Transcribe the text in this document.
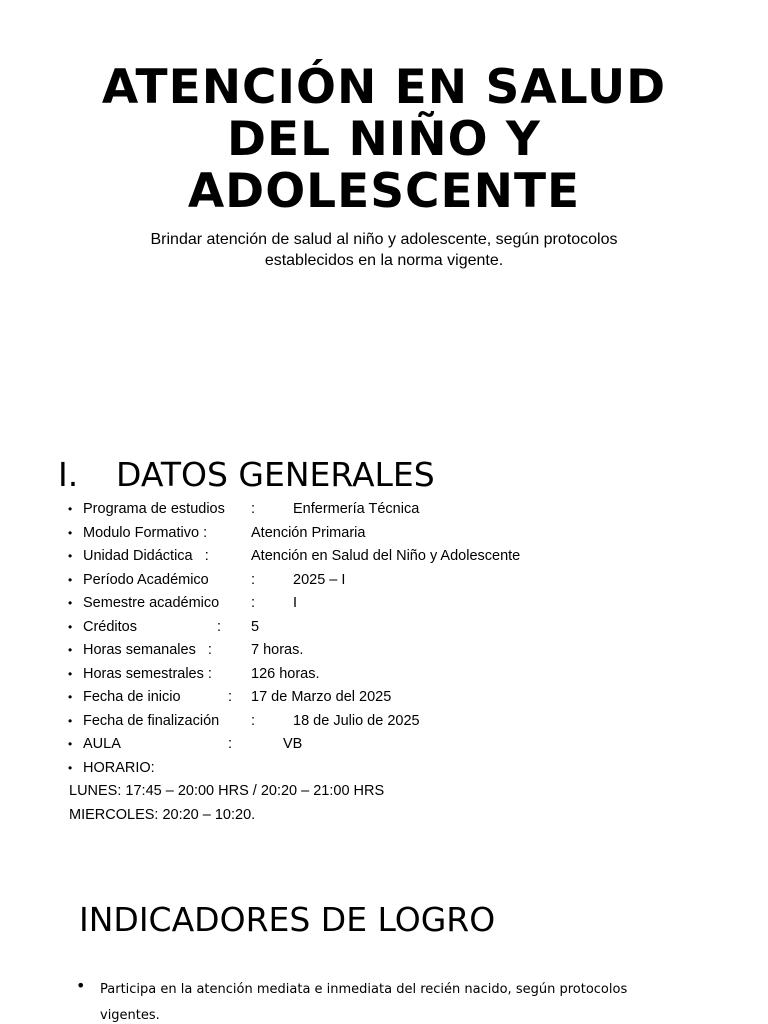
ATENCIÓN EN SALUD
DEL NIÑO Y
ADOLESCENTE
Brindar atención de salud al niño y adolescente, según protocolos
establecidos en la norma vigente.
I. DATOS GENERALES
• Programa de estudios :	Enfermería Técnica
• Modulo Formativo :	Atención Primaria
• Unidad Didáctica   :	Atención en Salud del Niño y Adolescente
• Período Académico	:	2025 – I
• Semestre académico :	I
• Créditos	: 5
• Horas semanales   :	7 horas.
• Horas semestrales :	126 horas.
• Fecha de inicio	: 17 de Marzo del 2025
• Fecha de finalización :	18 de Julio de 2025
• AULA	:	VB
• HORARIO:
LUNES: 17:45 – 20:00 HRS / 20:20 – 21:00 HRS
MIERCOLES: 20:20 – 10:20.
INDICADORES DE LOGRO
• Participa en la atención mediata e inmediata del recién nacido, según protocolos
vigentes.
